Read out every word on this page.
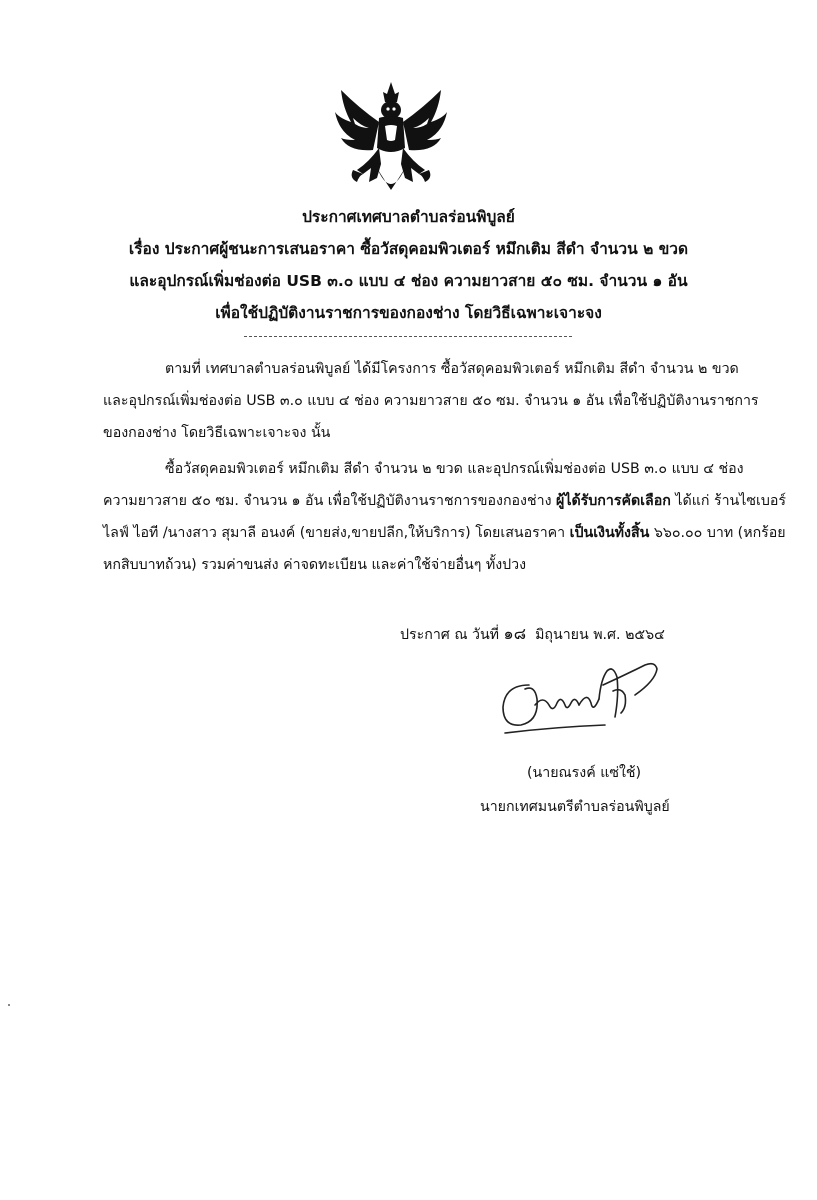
ประกาศเทศบาลตำบลร่อนพิบูลย์
เรื่อง ประกาศผู้ชนะการเสนอราคา ซื้อวัสดุคอมพิวเตอร์ หมึกเติม สีดำ จำนวน ๒ ขวด
และอุปกรณ์เพิ่มช่องต่อ USB ๓.๐ แบบ ๔ ช่อง ความยาวสาย ๕๐ ซม. จำนวน ๑ อัน
เพื่อใช้ปฏิบัติงานราชการของกองช่าง โดยวิธีเฉพาะเจาะจง
ตามที่ เทศบาลตำบลร่อนพิบูลย์ ได้มีโครงการ ซื้อวัสดุคอมพิวเตอร์ หมึกเติม สีดำ จำนวน ๒ ขวด
และอุปกรณ์เพิ่มช่องต่อ USB ๓.๐ แบบ ๔ ช่อง ความยาวสาย ๕๐ ซม. จำนวน ๑ อัน เพื่อใช้ปฏิบัติงานราชการ
ของกองช่าง โดยวิธีเฉพาะเจาะจง นั้น
ซื้อวัสดุคอมพิวเตอร์ หมึกเติม สีดำ จำนวน ๒ ขวด และอุปกรณ์เพิ่มช่องต่อ USB ๓.๐ แบบ ๔ ช่อง
ความยาวสาย ๕๐ ซม. จำนวน ๑ อัน เพื่อใช้ปฏิบัติงานราชการของกองช่าง ผู้ได้รับการคัดเลือก ได้แก่ ร้านไซเบอร์
ไลฟ์ ไอที /นางสาว สุมาลี อนงค์ (ขายส่ง,ขายปลีก,ให้บริการ) โดยเสนอราคา เป็นเงินทั้งสิ้น ๖๖๐.๐๐ บาท (หกร้อย
หกสิบบาทถ้วน) รวมค่าขนส่ง ค่าจดทะเบียน และค่าใช้จ่ายอื่นๆ ทั้งปวง
ประกาศ ณ วันที่ ๑๘ มิถุนายน พ.ศ. ๒๕๖๔
(นายณรงค์ แซ่ใช้)
นายกเทศมนตรีตำบลร่อนพิบูลย์
